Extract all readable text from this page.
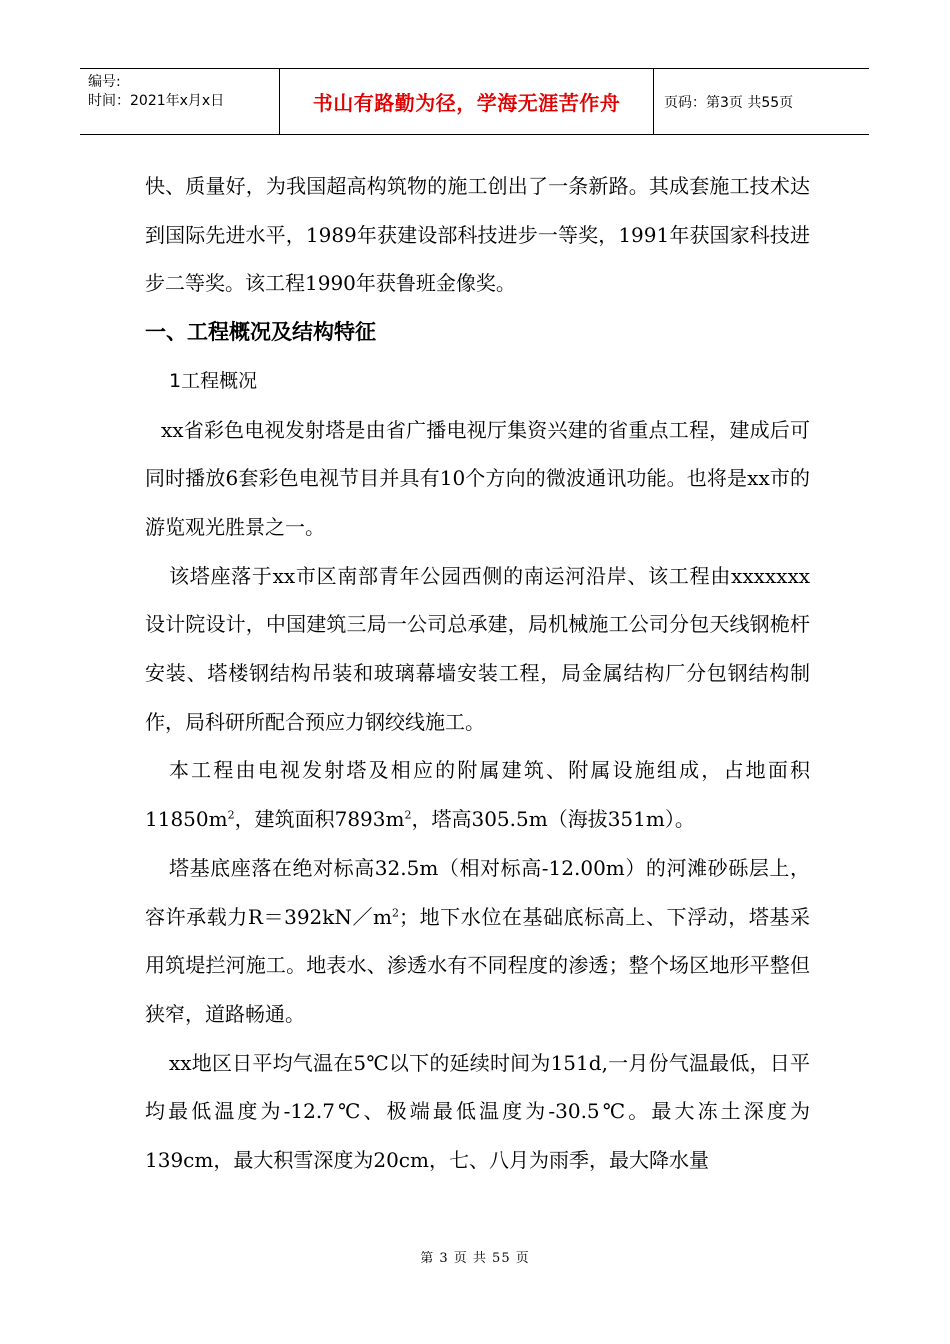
编号:
时间：2021年x月x日	书山有路勤为径，学海无涯苦作舟	页码：第3页 共55页

快、质量好，为我国超高构筑物的施工创出了一条新路。其成套施工技术达到国际先进水平，1989年获建设部科技进步一等奖，1991年获国家科技进步二等奖。该工程1990年获鲁班金像奖。

一、工程概况及结构特征

1工程概况

xx省彩色电视发射塔是由省广播电视厅集资兴建的省重点工程，建成后可同时播放6套彩色电视节目并具有10个方向的微波通讯功能。也将是xx市的游览观光胜景之一。

该塔座落于xx市区南部青年公园西侧的南运河沿岸、该工程由xxxxxxx设计院设计，中国建筑三局一公司总承建，局机械施工公司分包天线钢桅杆安装、塔楼钢结构吊装和玻璃幕墙安装工程，局金属结构厂分包钢结构制作，局科研所配合预应力钢绞线施工。

本工程由电视发射塔及相应的附属建筑、附属设施组成，占地面积$11850m^2$，建筑面积$7893m^2$，塔高305.5m（海拔351m）。

塔基底座落在绝对标高32.5m（相对标高-12.00m）的河滩砂砾层上，容许承载力$R=392kN/m^2$；地下水位在基础底标高上、下浮动，塔基采用筑堤拦河施工。地表水、渗透水有不同程度的渗透；整个场区地形平整但狭窄，道路畅通。

xx地区日平均气温在5℃以下的延续时间为151d,一月份气温最低，日平均最低温度为-12.7℃、极端最低温度为-30.5℃。最大冻土深度为139cm，最大积雪深度为20cm，七、八月为雨季，最大降水量

第 3 页 共 55 页
